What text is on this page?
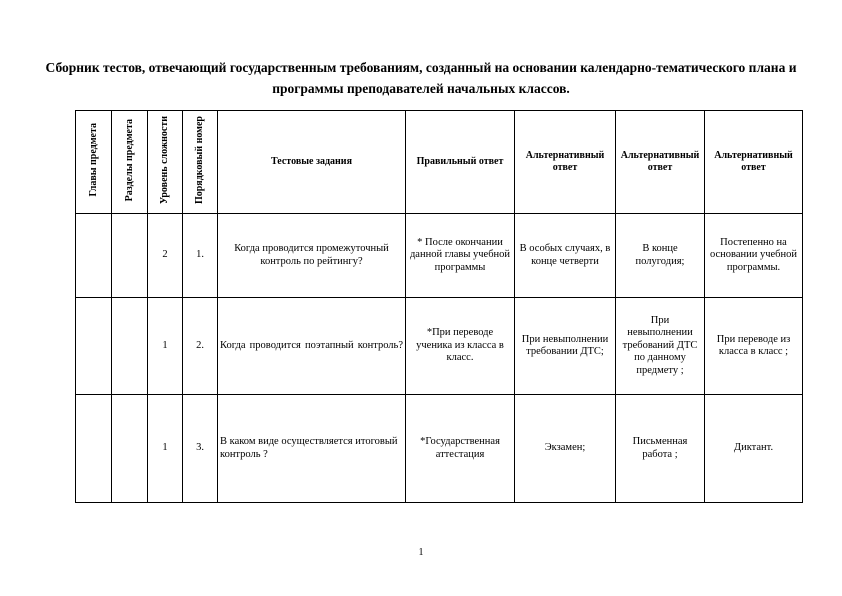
Сборник тестов, отвечающий государственным требованиям, созданный на основании календарно-тематического плана и программы преподавателей начальных классов.
Главы предмета	Разделы предмета	Уровень сложности	Порядковый номер	Тестовые задания	Правильный ответ	Альтернативный ответ	Альтернативный ответ	Альтернативный ответ
		2	1.	Когда проводится промежуточный контроль по рейтингу?	* После окончании данной главы учебной программы	В особых случаях, в конце четверти	В конце полугодия;	Постепенно на основании учебной программы.
		1	2.	Когда проводится поэтапный контроль?	*При переводе ученика из класса в класс.	При невыполнении требовании ДТС;	При невыполнении требований ДТС по данному предмету ;	При переводе из класса в класс ;
		1	3.	В каком виде осуществляется итоговый контроль ?	*Государственная аттестация	Экзамен;	Письменная работа ;	Диктант.
1
